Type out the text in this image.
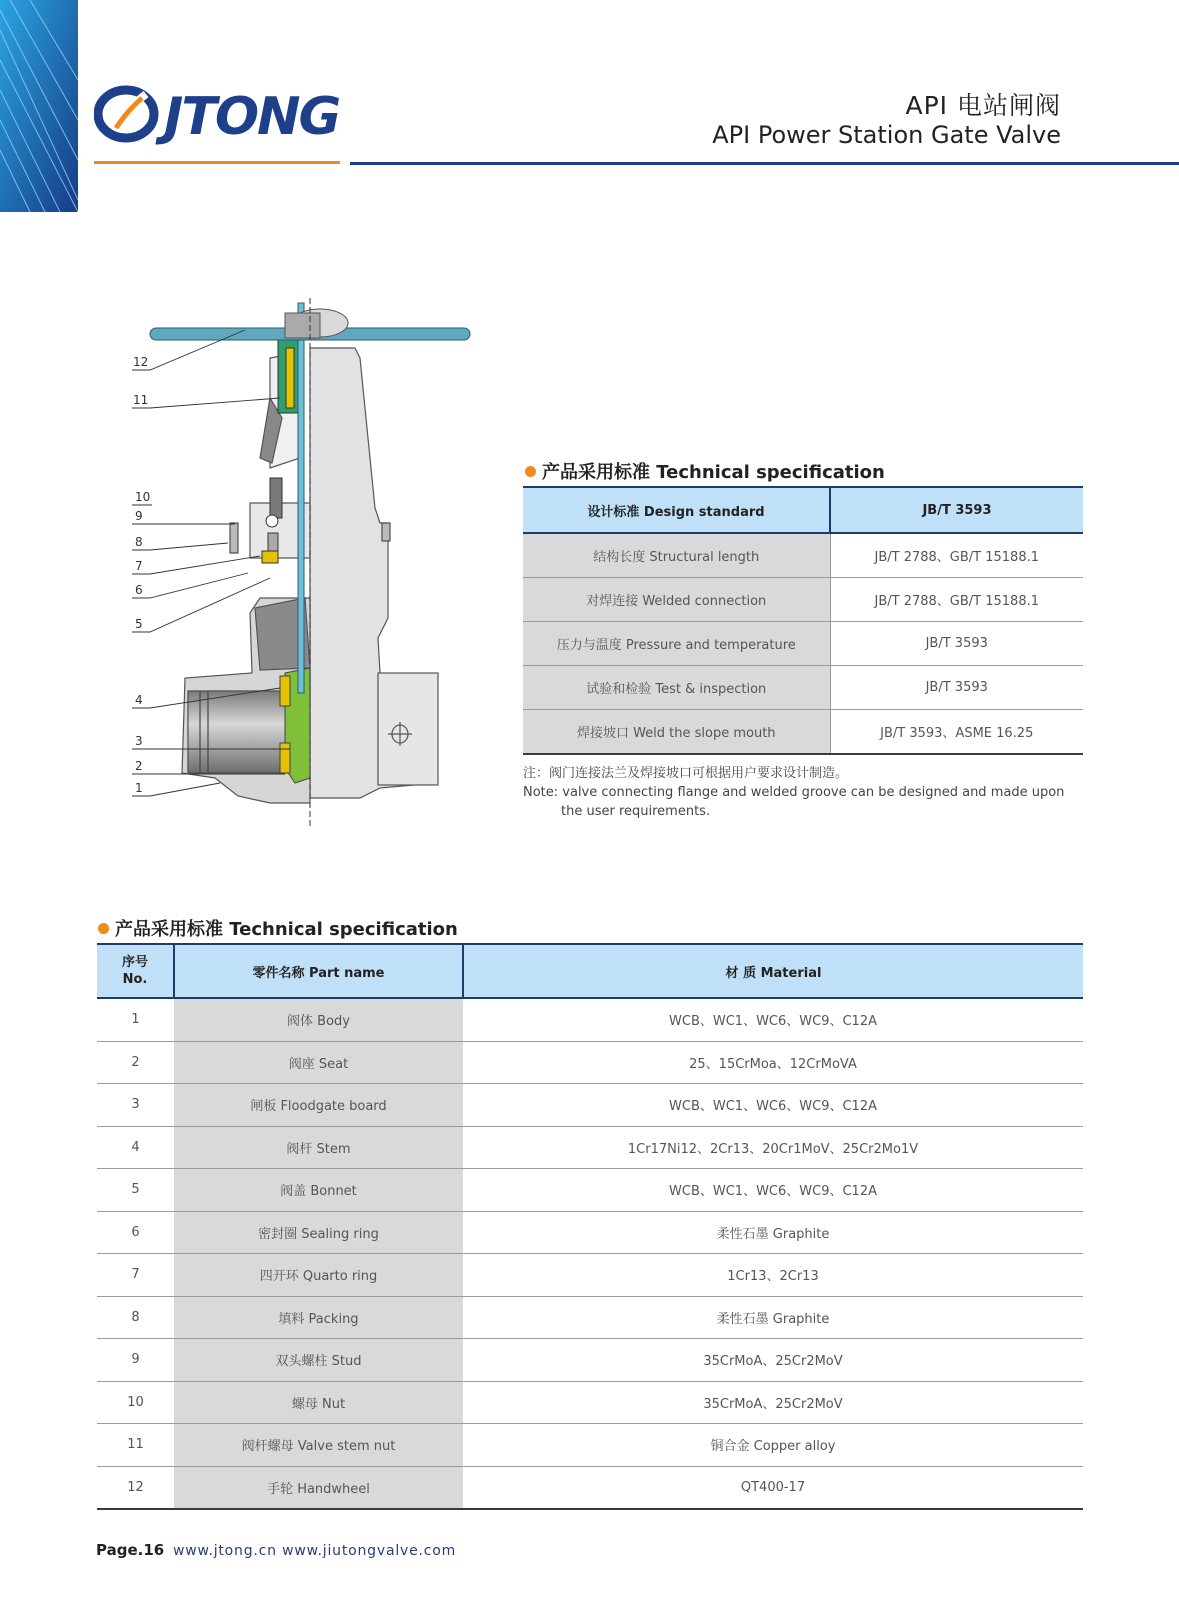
JTONG	API 电站闸阀
API Power Station Gate Valve
12
11
10
9
8
7
6
5
4
3
2
1
产品采用标准 Technical specification
设计标准 Design standard	JB/T 3593
结构长度 Structural length	JB/T 2788、GB/T 15188.1
对焊连接 Welded connection	JB/T 2788、GB/T 15188.1
压力与温度 Pressure and temperature	JB/T 3593
试验和检验 Test & inspection	JB/T 3593
焊接坡口 Weld the slope mouth	JB/T 3593、ASME 16.25
注：阀门连接法兰及焊接坡口可根据用户要求设计制造。
Note: valve connecting flange and welded groove can be designed and made upon
the user requirements.
产品采用标准 Technical specification
序号
No.	零件名称 Part name	材 质 Material
1	阀体 Body	WCB、WC1、WC6、WC9、C12A
2	阀座 Seat	25、15CrMoa、12CrMoVA
3	闸板 Floodgate board	WCB、WC1、WC6、WC9、C12A
4	阀杆 Stem	1Cr17Ni12、2Cr13、20Cr1MoV、25Cr2Mo1V
5	阀盖 Bonnet	WCB、WC1、WC6、WC9、C12A
6	密封圈 Sealing ring	柔性石墨 Graphite
7	四开环 Quarto ring	1Cr13、2Cr13
8	填料 Packing	柔性石墨 Graphite
9	双头螺柱 Stud	35CrMoA、25Cr2MoV
10	螺母 Nut	35CrMoA、25Cr2MoV
11	阀杆螺母 Valve stem nut	铜合金 Copper alloy
12	手轮 Handwheel	QT400-17
Page.16 www.jtong.cn www.jiutongvalve.com
